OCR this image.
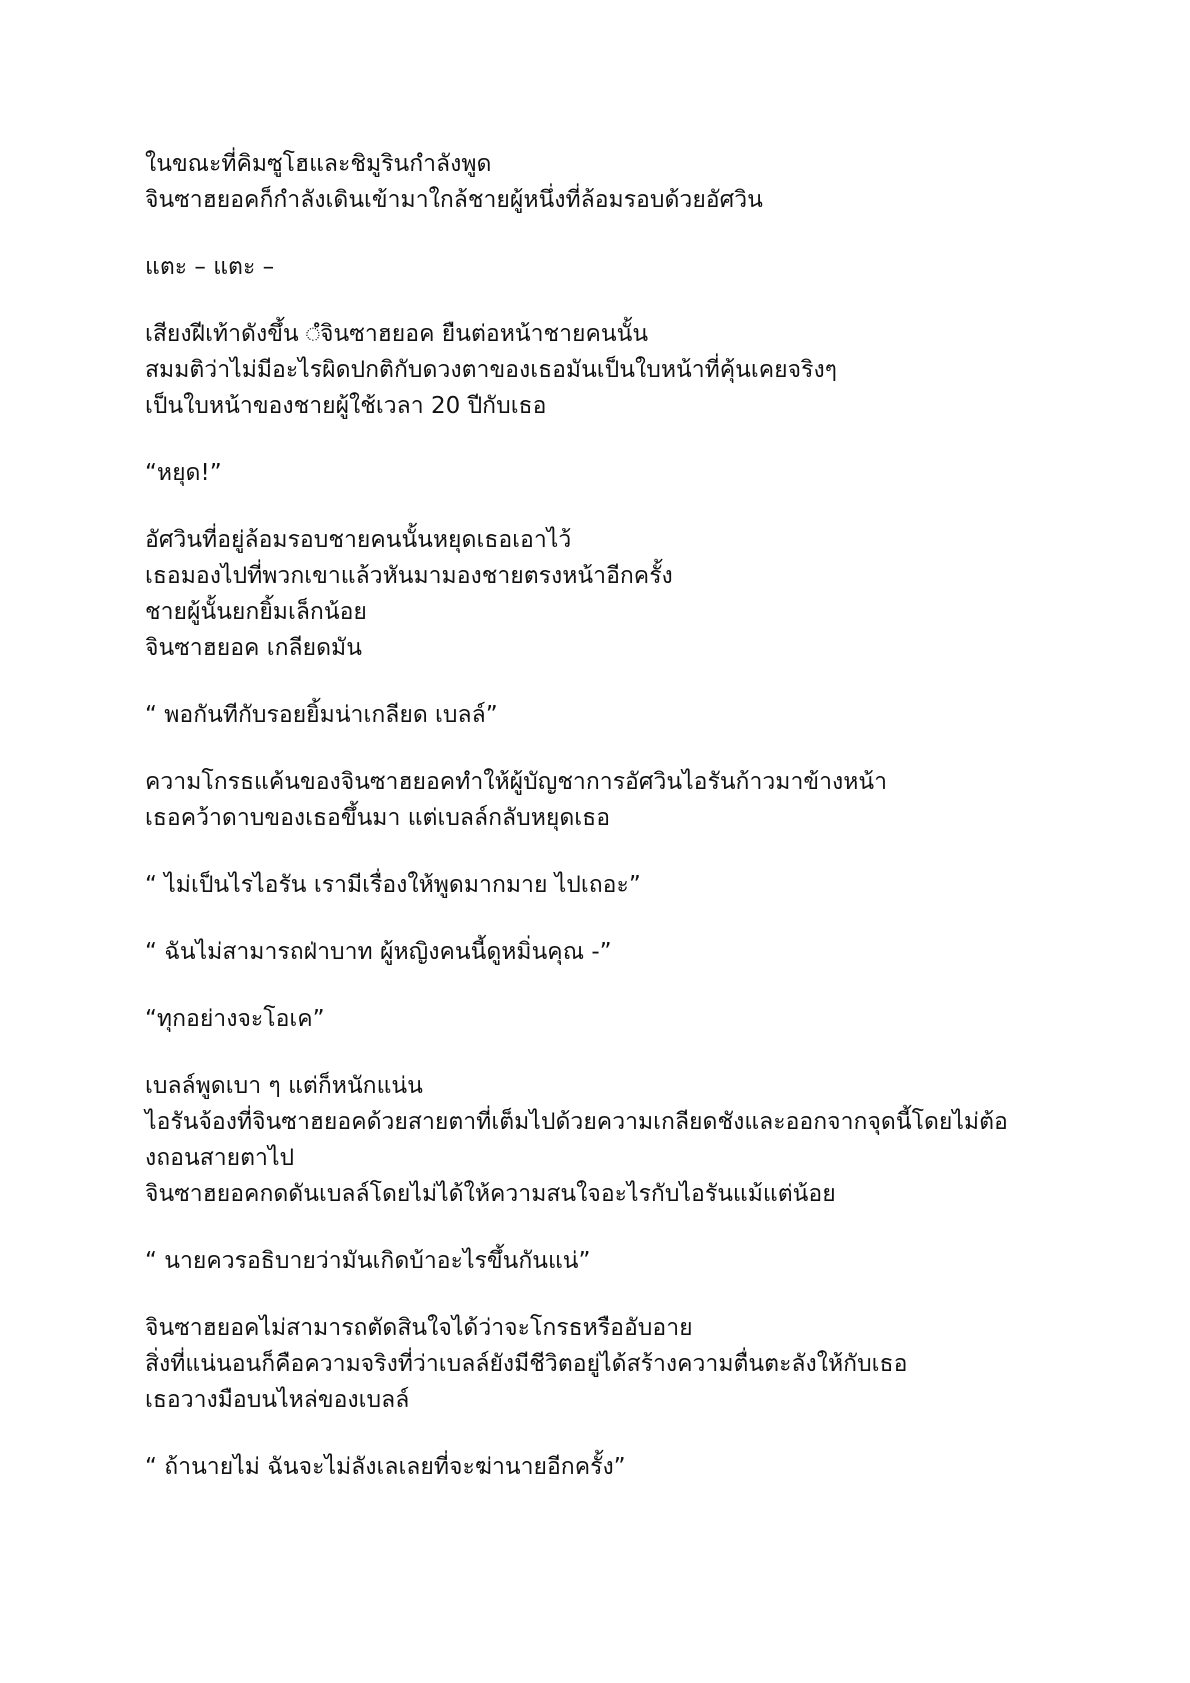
ในขณะที่คิมซูโฮและชิมูรินกำลังพูด
จินซาฮยอคก็กำลังเดินเข้ามาใกล้ชายผู้หนึ่งที่ล้อมรอบด้วยอัศวิน

แตะ – แตะ –

เสียงฝีเท้าดังขึ้น ◌ํจินซาฮยอค ยืนต่อหน้าชายคนนั้น
สมมติว่าไม่มีอะไรผิดปกติกับดวงตาของเธอมันเป็นใบหน้าที่คุ้นเคยจริงๆ
เป็นใบหน้าของชายผู้ใช้เวลา 20 ปีกับเธอ

“หยุด!”

อัศวินที่อยู่ล้อมรอบชายคนนั้นหยุดเธอเอาไว้
เธอมองไปที่พวกเขาแล้วหันมามองชายตรงหน้าอีกครั้ง
ชายผู้นั้นยกยิ้มเล็กน้อย
จินซาฮยอค เกลียดมัน

“ พอกันทีกับรอยยิ้มน่าเกลียด เบลล์”

ความโกรธแค้นของจินซาฮยอคทำให้ผู้บัญชาการอัศวินไอรันก้าวมาข้างหน้า
เธอคว้าดาบของเธอขึ้นมา แต่เบลล์กลับหยุดเธอ

“ ไม่เป็นไรไอรัน เรามีเรื่องให้พูดมากมาย ไปเถอะ”

“ ฉันไม่สามารถฝ่าบาท ผู้หญิงคนนี้ดูหมิ่นคุณ -”

“ทุกอย่างจะโอเค”

เบลล์พูดเบา ๆ แต่ก็หนักแน่น
ไอรันจ้องที่จินซาฮยอคด้วยสายตาที่เต็มไปด้วยความเกลียดชังและออกจากจุดนี้โดยไม่ต้อ
งถอนสายตาไป
จินซาฮยอคกดดันเบลล์โดยไม่ได้ให้ความสนใจอะไรกับไอรันแม้แต่น้อย

“ นายควรอธิบายว่ามันเกิดบ้าอะไรขึ้นกันแน่”

จินซาฮยอคไม่สามารถตัดสินใจได้ว่าจะโกรธหรืออับอาย
สิ่งที่แน่นอนก็คือความจริงที่ว่าเบลล์ยังมีชีวิตอยู่ได้สร้างความตื่นตะลังให้กับเธอ
เธอวางมือบนไหล่ของเบลล์

“ ถ้านายไม่ ฉันจะไม่ลังเลเลยที่จะฆ่านายอีกครั้ง”
